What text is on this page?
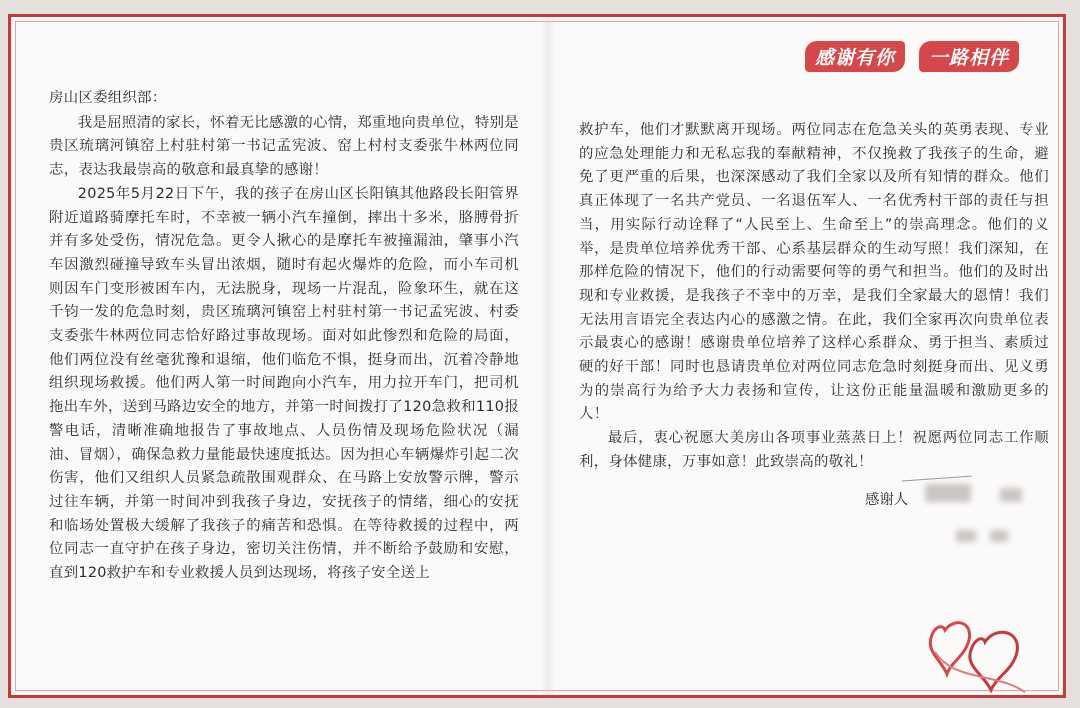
房山区委组织部：

我是屈照清的家长，怀着无比感激的心情，郑重地向贵单位，特别是贵区琉璃河镇窑上村驻村第一书记孟宪波、窑上村村支委张牛林两位同志，表达我最崇高的敬意和最真挚的感谢！

2025年5月22日下午，我的孩子在房山区长阳镇其他路段长阳管界附近道路骑摩托车时，不幸被一辆小汽车撞倒，摔出十多米，胳膊骨折并有多处受伤，情况危急。更令人揪心的是摩托车被撞漏油，肇事小汽车因激烈碰撞导致车头冒出浓烟，随时有起火爆炸的危险，而小车司机则因车门变形被困车内，无法脱身，现场一片混乱，险象环生，就在这千钧一发的危急时刻，贵区琉璃河镇窑上村驻村第一书记孟宪波、村委支委张牛林两位同志恰好路过事故现场。面对如此惨烈和危险的局面，他们两位没有丝毫犹豫和退缩，他们临危不惧，挺身而出，沉着冷静地组织现场救援。他们两人第一时间跑向小汽车，用力拉开车门，把司机拖出车外，送到马路边安全的地方，并第一时间拨打了120急救和110报警电话，清晰准确地报告了事故地点、人员伤情及现场危险状况（漏油、冒烟），确保急救力量能最快速度抵达。因为担心车辆爆炸引起二次伤害，他们又组织人员紧急疏散围观群众、在马路上安放警示牌，警示过往车辆，并第一时间冲到我孩子身边，安抚孩子的情绪，细心的安抚和临场处置极大缓解了我孩子的痛苦和恐惧。在等待救援的过程中，两位同志一直守护在孩子身边，密切关注伤情，并不断给予鼓励和安慰，直到120救护车和专业救援人员到达现场，将孩子安全送上

感谢有你	一路相伴

救护车，他们才默默离开现场。两位同志在危急关头的英勇表现、专业的应急处理能力和无私忘我的奉献精神，不仅挽救了我孩子的生命，避免了更严重的后果，也深深感动了我们全家以及所有知情的群众。他们真正体现了一名共产党员、一名退伍军人、一名优秀村干部的责任与担当，用实际行动诠释了“人民至上、生命至上”的崇高理念。他们的义举，是贵单位培养优秀干部、心系基层群众的生动写照！我们深知，在那样危险的情况下，他们的行动需要何等的勇气和担当。他们的及时出现和专业救援，是我孩子不幸中的万幸，是我们全家最大的恩情！我们无法用言语完全表达内心的感激之情。在此，我们全家再次向贵单位表示最衷心的感谢！感谢贵单位培养了这样心系群众、勇于担当、素质过硬的好干部！同时也恳请贵单位对两位同志危急时刻挺身而出、见义勇为的崇高行为给予大力表扬和宣传，让这份正能量温暖和激励更多的人！

最后，衷心祝愿大美房山各项事业蒸蒸日上！祝愿两位同志工作顺利，身体健康，万事如意！此致崇高的敬礼！

感谢人
